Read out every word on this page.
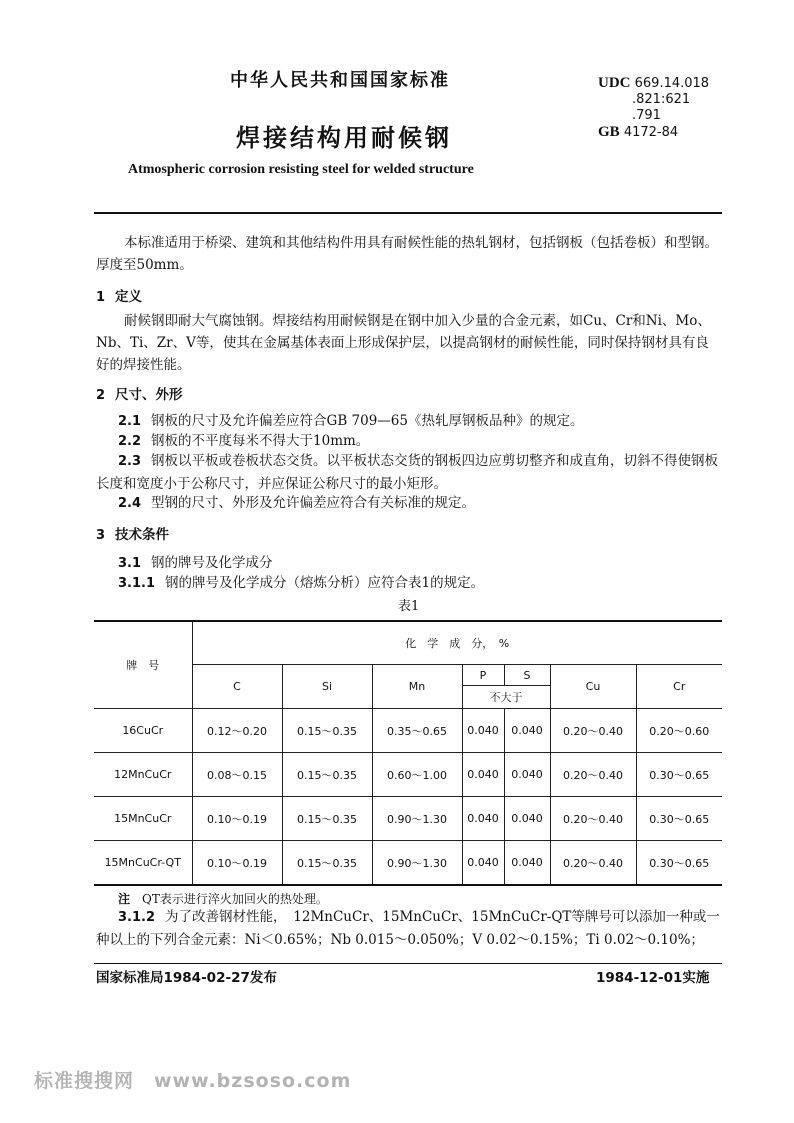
中华人民共和国国家标准
焊接结构用耐候钢
Atmospheric corrosion resisting steel for welded structure
UDC 669.14.018
.821:621
.791
GB 4172-84
本标准适用于桥梁、建筑和其他结构件用具有耐候性能的热轧钢材，包括钢板（包括卷板）和型钢。厚度至50mm。
1 定义
耐候钢即耐大气腐蚀钢。焊接结构用耐候钢是在钢中加入少量的合金元素，如Cu、Cr和Ni、Mo、Nb、Ti、Zr、V等，使其在金属基体表面上形成保护层，以提高钢材的耐候性能，同时保持钢材具有良好的焊接性能。
2 尺寸、外形
2.1 钢板的尺寸及允许偏差应符合GB 709—65《热轧厚钢板品种》的规定。
2.2 钢板的不平度每米不得大于10mm。
2.3 钢板以平板或卷板状态交货。以平板状态交货的钢板四边应剪切整齐和成直角，切斜不得使钢板长度和宽度小于公称尺寸，并应保证公称尺寸的最小矩形。
2.4 型钢的尺寸、外形及允许偏差应符合有关标准的规定。
3 技术条件
3.1 钢的牌号及化学成分
3.1.1 钢的牌号及化学成分（熔炼分析）应符合表1的规定。
表1
牌　号	化　学　成　分，　%						
	C	Si	Mn	P	S	Cu	Cr
				不大于			
16CuCr	0.12～0.20	0.15～0.35	0.35～0.65	0.040	0.040	0.20～0.40	0.20～0.60
12MnCuCr	0.08～0.15	0.15～0.35	0.60～1.00	0.040	0.040	0.20～0.40	0.30～0.65
15MnCuCr	0.10～0.19	0.15～0.35	0.90～1.30	0.040	0.040	0.20～0.40	0.30～0.65
15MnCuCr-QT	0.10～0.19	0.15～0.35	0.90～1.30	0.040	0.040	0.20～0.40	0.30～0.65
注 QT表示进行淬火加回火的热处理。
3.1.2 为了改善钢材性能，　12MnCuCr、15MnCuCr、15MnCuCr-QT等牌号可以添加一种或一种以上的下列合金元素：Ni＜0.65%；Nb 0.015～0.050%；V 0.02～0.15%；Ti 0.02～0.10%；
国家标准局1984-02-27发布	1984-12-01实施
标准搜搜网　www.bzsoso.com
